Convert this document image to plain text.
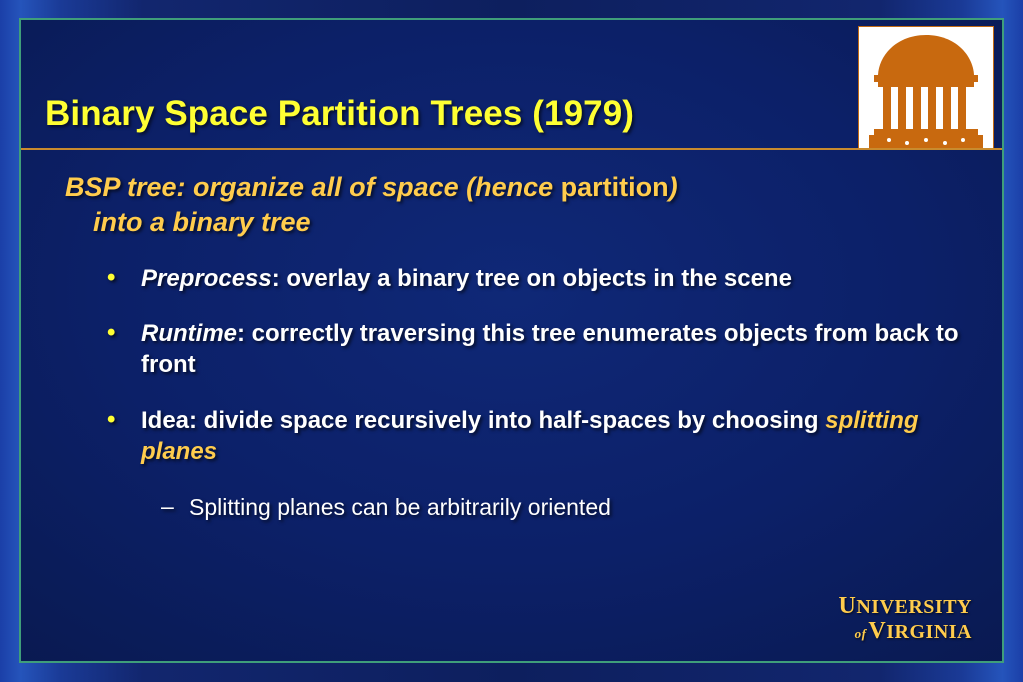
Binary Space Partition Trees (1979)
BSP tree: organize all of space (hence partition)
into a binary tree
• Preprocess: overlay a binary tree on objects in the scene
• Runtime: correctly traversing this tree enumerates objects from back to front
• Idea: divide space recursively into half-spaces by choosing splitting planes
– Splitting planes can be arbitrarily oriented
UNIVERSITY
ofVIRGINIA
